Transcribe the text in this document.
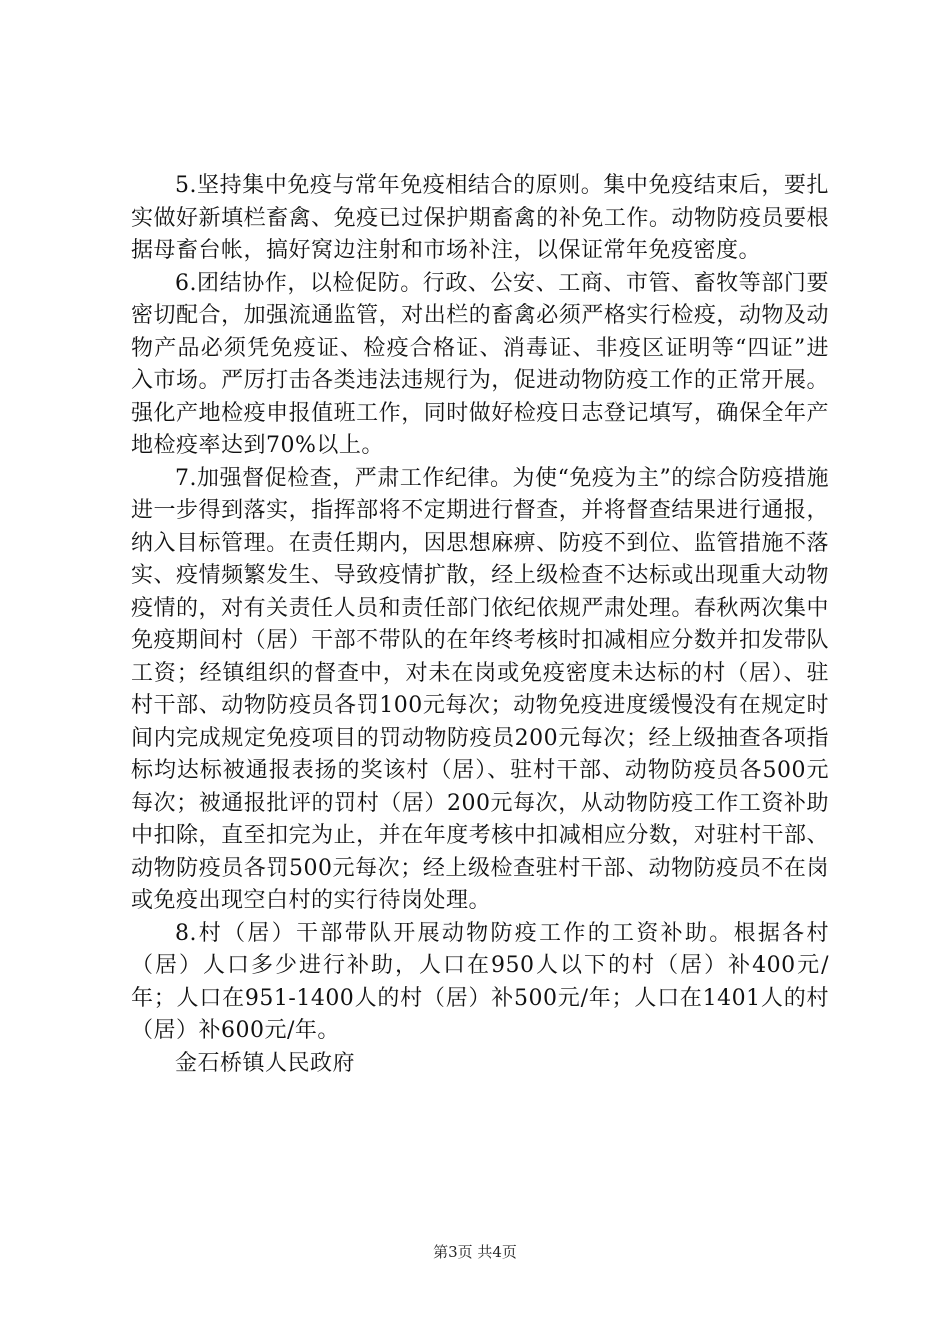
5.坚持集中免疫与常年免疫相结合的原则。集中免疫结束后，要扎实做好新填栏畜禽、免疫已过保护期畜禽的补免工作。动物防疫员要根据母畜台帐，搞好窝边注射和市场补注，以保证常年免疫密度。

6.团结协作，以检促防。行政、公安、工商、市管、畜牧等部门要密切配合，加强流通监管，对出栏的畜禽必须严格实行检疫，动物及动物产品必须凭免疫证、检疫合格证、消毒证、非疫区证明等“四证”进入市场。严厉打击各类违法违规行为，促进动物防疫工作的正常开展。强化产地检疫申报值班工作，同时做好检疫日志登记填写，确保全年产地检疫率达到70%以上。

7.加强督促检查，严肃工作纪律。为使“免疫为主”的综合防疫措施进一步得到落实，指挥部将不定期进行督查，并将督查结果进行通报，纳入目标管理。在责任期内，因思想麻痹、防疫不到位、监管措施不落实、疫情频繁发生、导致疫情扩散，经上级检查不达标或出现重大动物疫情的，对有关责任人员和责任部门依纪依规严肃处理。春秋两次集中免疫期间村（居）干部不带队的在年终考核时扣减相应分数并扣发带队工资；经镇组织的督查中，对未在岗或免疫密度未达标的村（居）、驻村干部、动物防疫员各罚100元每次；动物免疫进度缓慢没有在规定时间内完成规定免疫项目的罚动物防疫员200元每次；经上级抽查各项指标均达标被通报表扬的奖该村（居）、驻村干部、动物防疫员各500元每次；被通报批评的罚村（居）200元每次，从动物防疫工作工资补助中扣除，直至扣完为止，并在年度考核中扣减相应分数，对驻村干部、动物防疫员各罚500元每次；经上级检查驻村干部、动物防疫员不在岗或免疫出现空白村的实行待岗处理。

8.村（居）干部带队开展动物防疫工作的工资补助。根据各村（居）人口多少进行补助，人口在950人以下的村（居）补400元/年；人口在951-1400人的村（居）补500元/年；人口在1401人的村（居）补600元/年。

金石桥镇人民政府

第3页 共4页
